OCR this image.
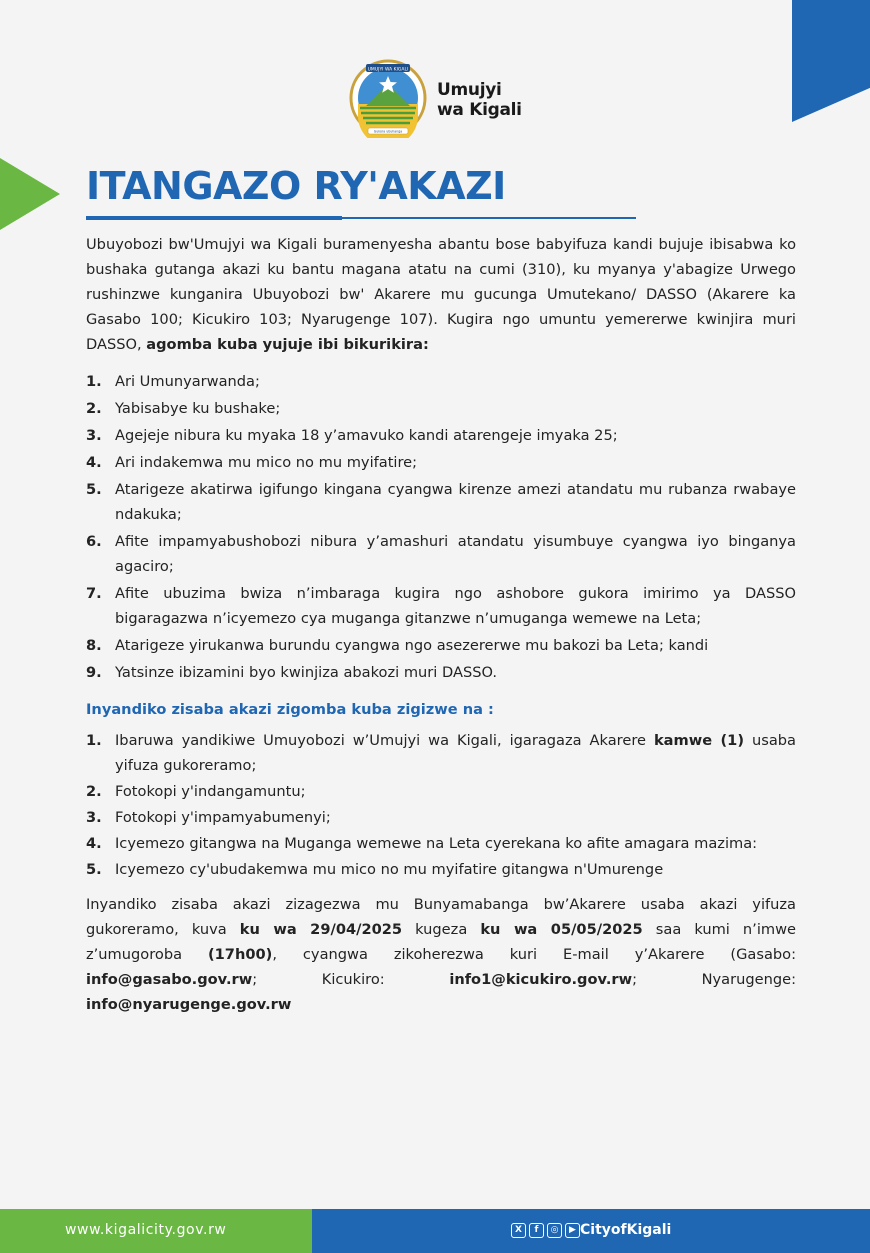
UMUJYI WA KIGALI
Gukora ubuhanga
Umujyi
wa Kigali
ITANGAZO RY'AKAZI

Ubuyobozi bw'Umujyi wa Kigali buramenyesha abantu bose babyifuza kandi bujuje ibisabwa ko bushaka gutanga akazi ku bantu magana atatu na cumi (310), ku myanya y'abagize Urwego rushinzwe kunganira Ubuyobozi bw' Akarere mu gucunga Umutekano/ DASSO (Akarere ka Gasabo 100; Kicukiro 103; Nyarugenge 107). Kugira ngo umuntu yemererwe kwinjira muri DASSO, agomba kuba yujuje ibi bikurikira:

1. Ari Umunyarwanda;
2. Yabisabye ku bushake;
3. Agejeje nibura ku myaka 18 y’amavuko kandi atarengeje imyaka 25;
4. Ari indakemwa mu mico no mu myifatire;
5. Atarigeze akatirwa igifungo kingana cyangwa kirenze amezi atandatu mu rubanza rwabaye ndakuka;
6. Afite impamyabushobozi nibura y’amashuri atandatu yisumbuye cyangwa iyo binganya agaciro;
7. Afite ubuzima bwiza n’imbaraga kugira ngo ashobore gukora imirimo ya DASSO bigaragazwa n’icyemezo cya muganga gitanzwe n’umuganga wemewe na Leta;
8. Atarigeze yirukanwa burundu cyangwa ngo asezererwe mu bakozi ba Leta; kandi
9. Yatsinze ibizamini byo kwinjiza abakozi muri DASSO.

Inyandiko zisaba akazi zigomba kuba zigizwe na :

1. Ibaruwa yandikiwe Umuyobozi w’Umujyi wa Kigali, igaragaza Akarere kamwe (1) usaba yifuza gukoreramo;
2. Fotokopi y'indangamuntu;
3. Fotokopi y'impamyabumenyi;
4. Icyemezo gitangwa na Muganga wemewe na Leta cyerekana ko afite amagara mazima:
5. Icyemezo cy'ubudakemwa mu mico no mu myifatire gitangwa n'Umurenge

Inyandiko zisaba akazi zizagezwa mu Bunyamabanga bw’Akarere usaba akazi yifuza gukoreramo, kuva ku wa 29/04/2025 kugeza ku wa 05/05/2025 saa kumi n’imwe z’umugoroba (17h00), cyangwa zikoherezwa kuri E-mail y’Akarere (Gasabo: info@gasabo.gov.rw; Kicukiro: info1@kicukiro.gov.rw; Nyarugenge: info@nyarugenge.gov.rw

www.kigalicity.gov.rw	X	f	◎	▶ CityofKigali
